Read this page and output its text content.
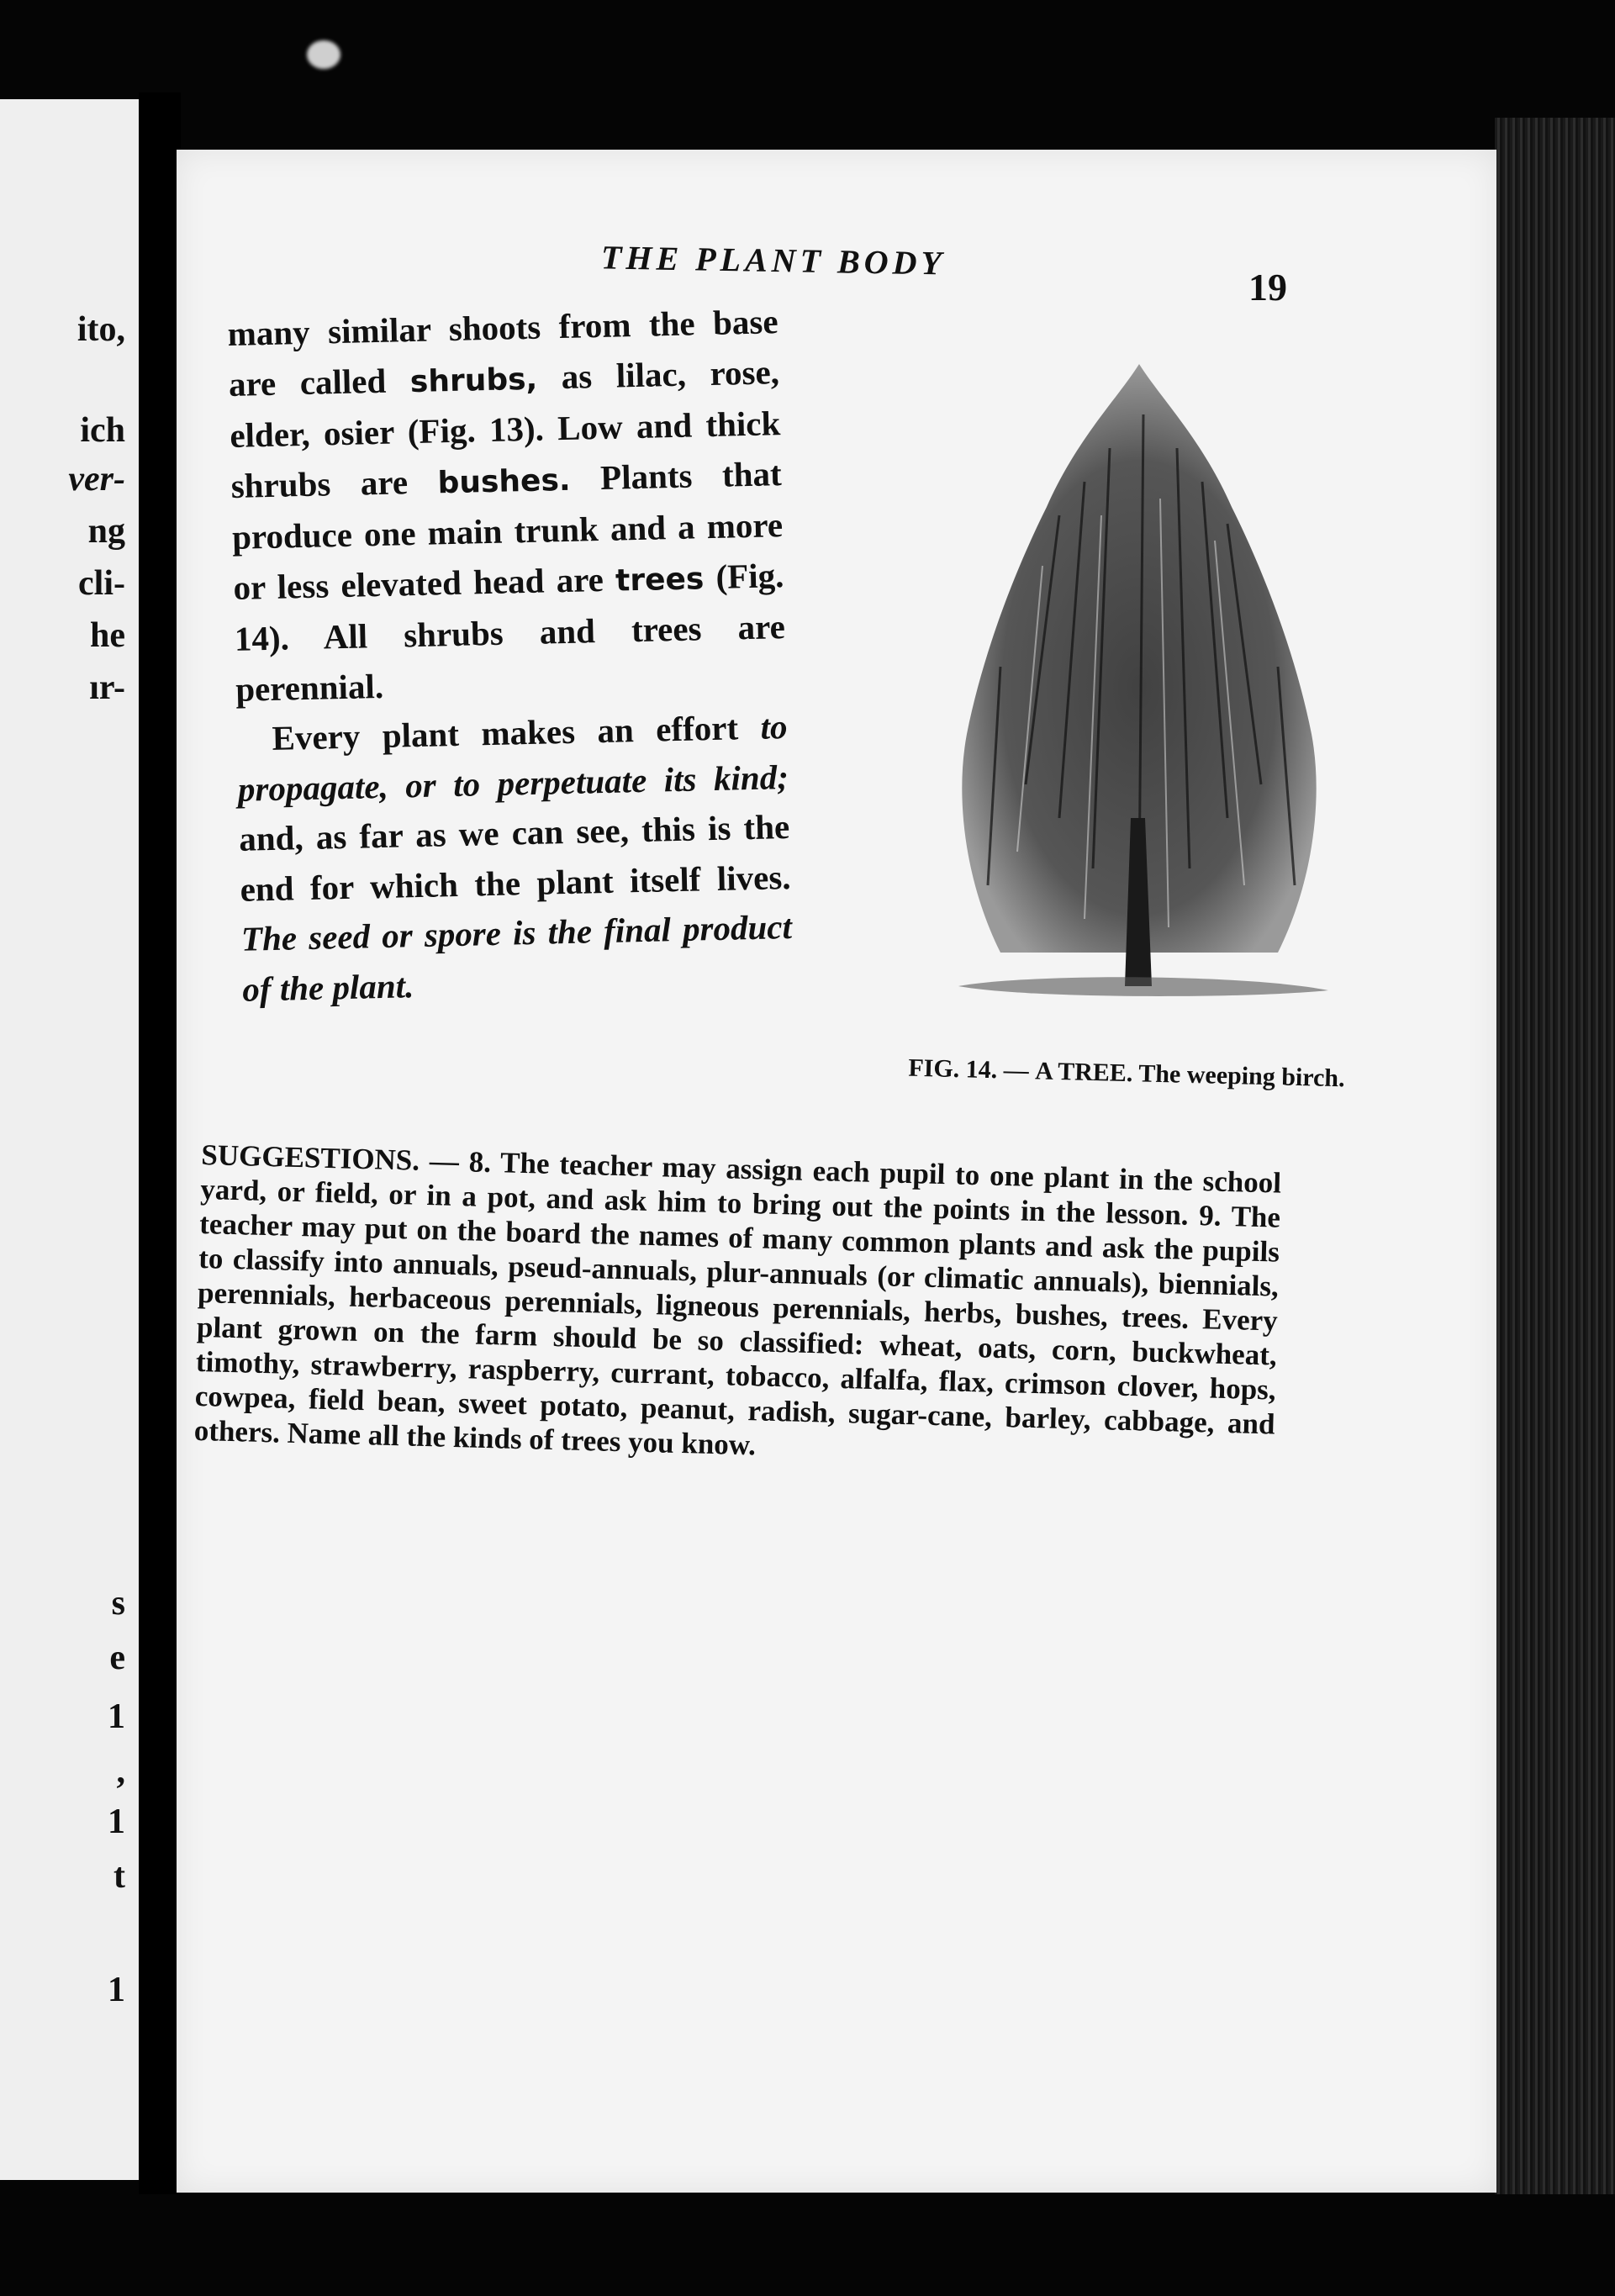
ito,

ich

ver-

ng

cli-

he

ır-

s

e

1

,

1

t

1

THE PLANT BODY

19

many similar shoots from the base are called shrubs, as lilac, rose, elder, osier (Fig. 13). Low and thick shrubs are bushes. Plants that produce one main trunk and a more or less elevated head are trees (Fig. 14). All shrubs and trees are perennial.

Every plant makes an effort to propagate, or to perpetuate its kind; and, as far as we can see, this is the end for which the plant itself lives. The seed or spore is the final product of the plant.

FIG. 14. — A TREE. The weeping birch.

SUGGESTIONS. — 8. The teacher may assign each pupil to one plant in the school yard, or field, or in a pot, and ask him to bring out the points in the lesson. 9. The teacher may put on the board the names of many common plants and ask the pupils to classify into annuals, pseud-annuals, plur-annuals (or climatic annuals), biennials, perennials, herbaceous perennials, ligneous perennials, herbs, bushes, trees. Every plant grown on the farm should be so classified: wheat, oats, corn, buckwheat, timothy, strawberry, raspberry, currant, tobacco, alfalfa, flax, crimson clover, hops, cowpea, field bean, sweet potato, peanut, radish, sugar-cane, barley, cabbage, and others. Name all the kinds of trees you know.
